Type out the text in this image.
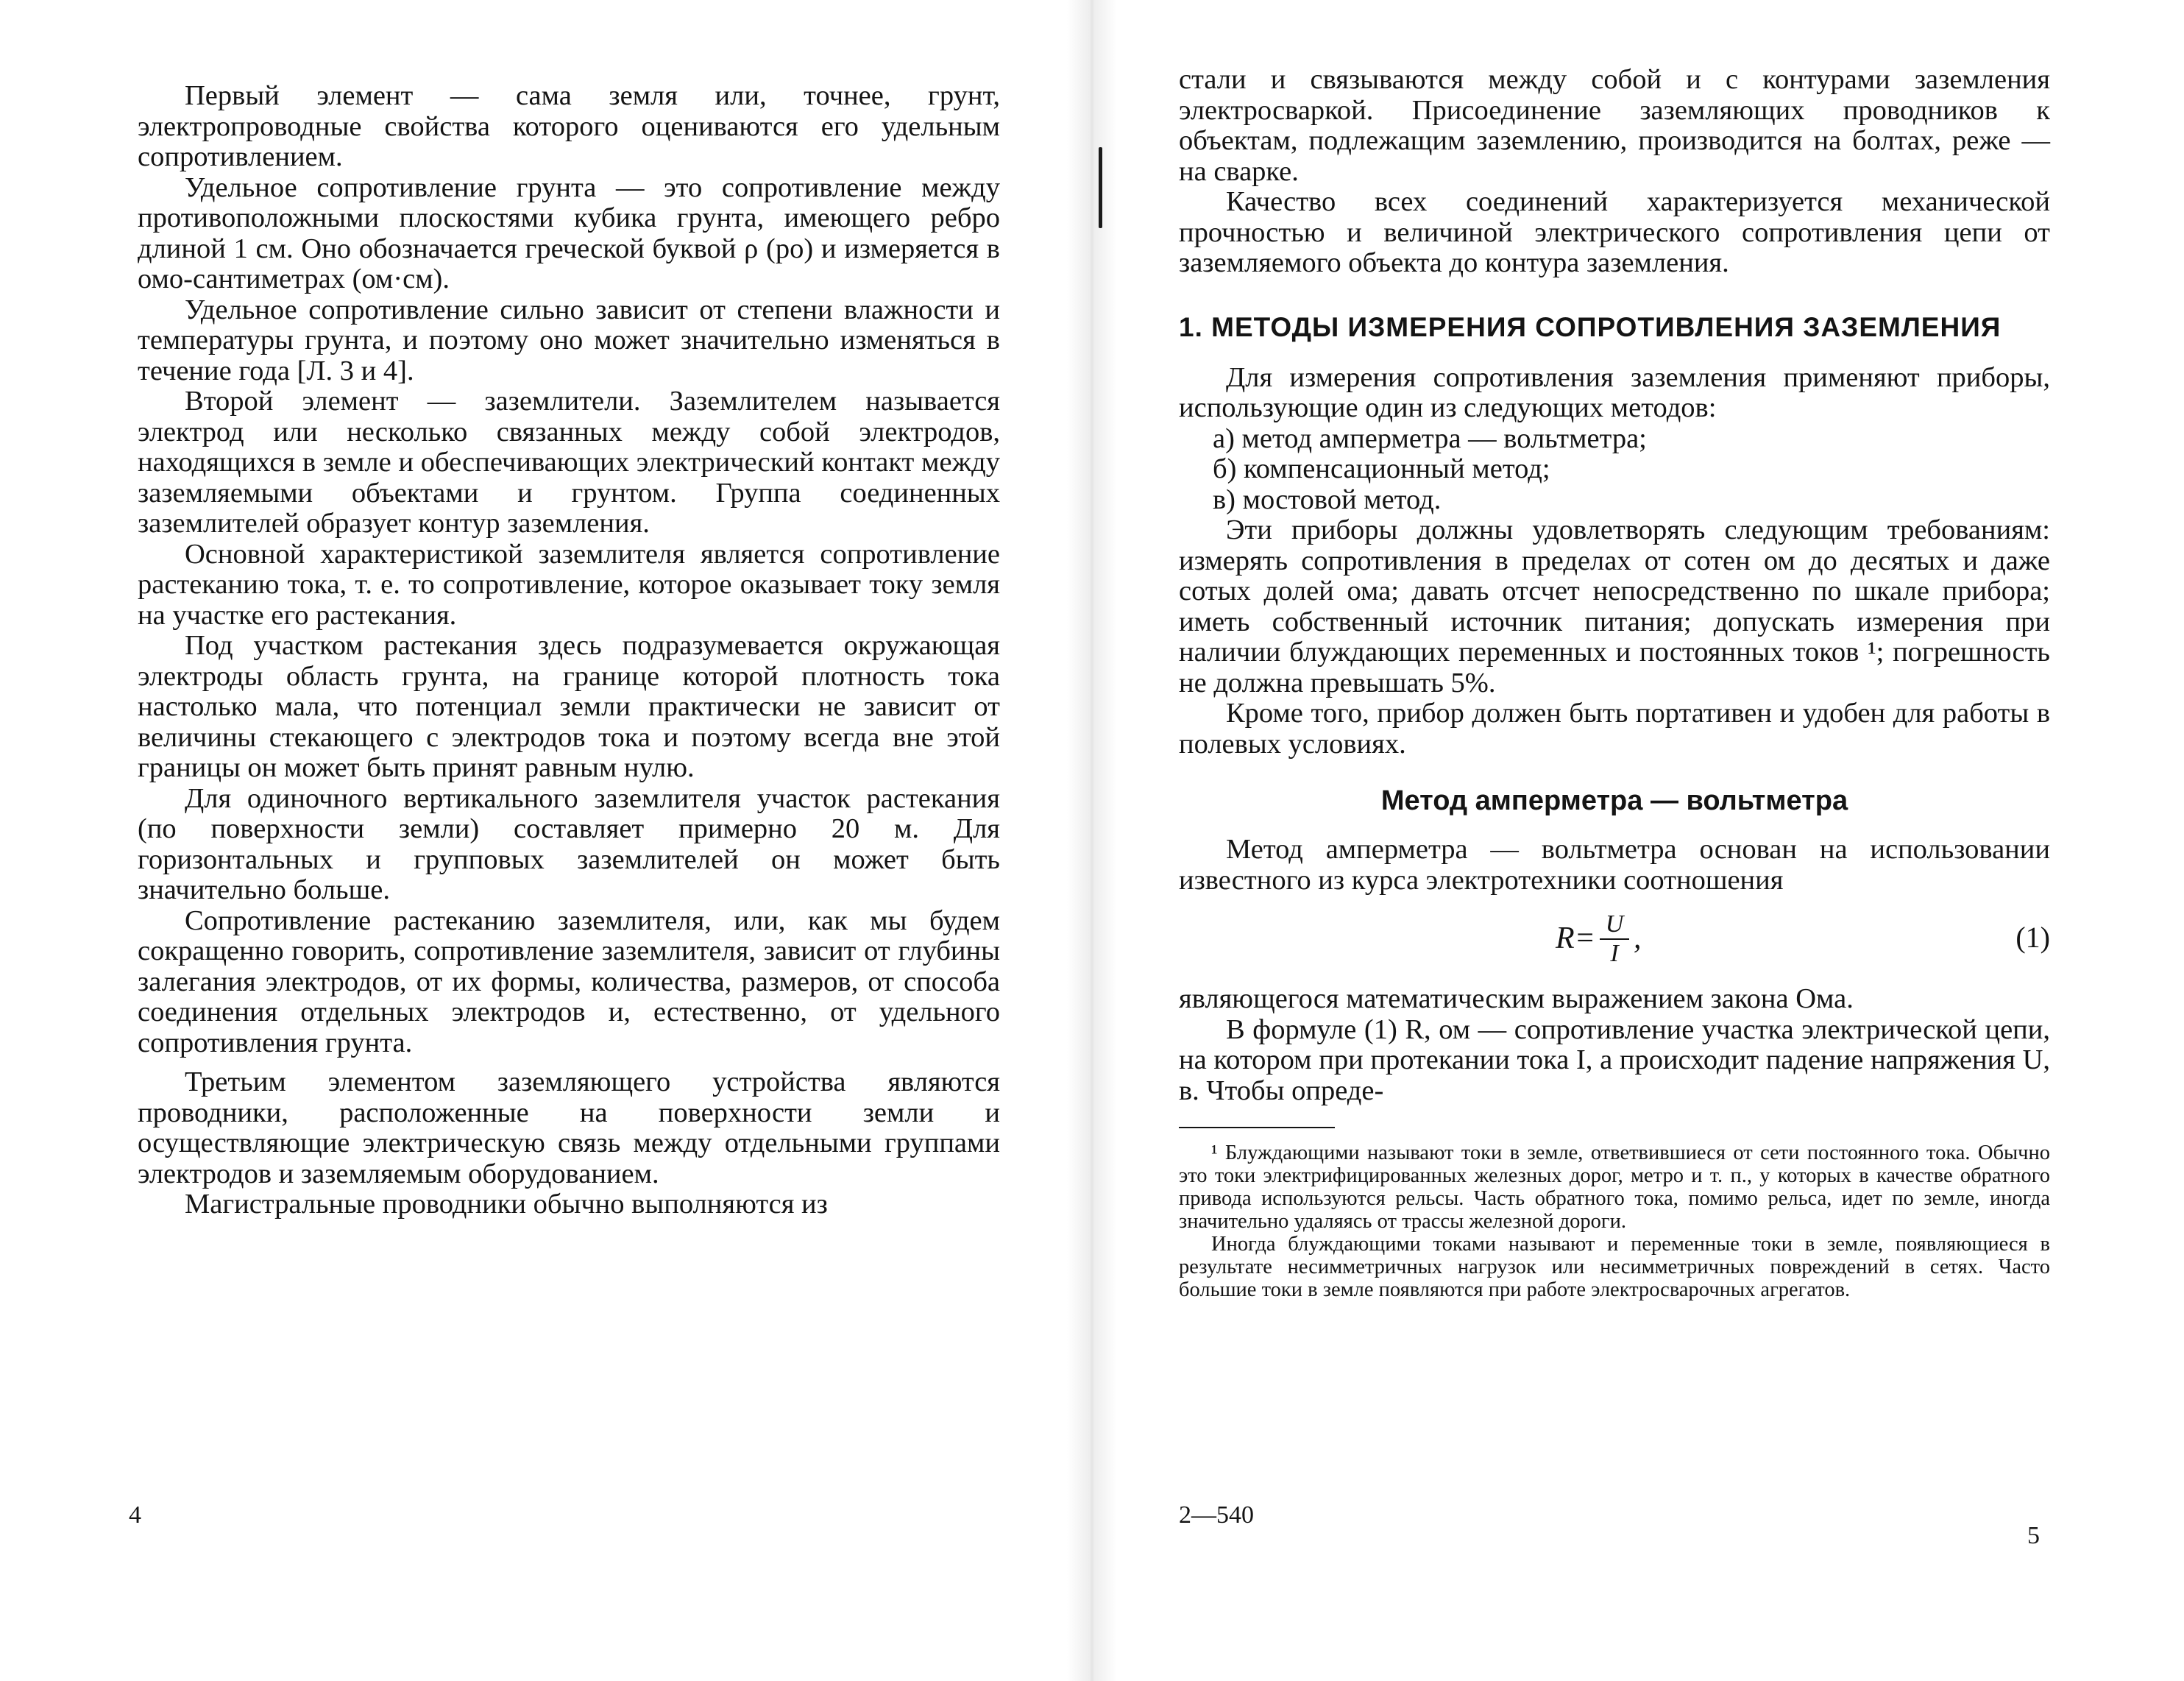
Первый элемент — сама земля или, точнее, грунт, электропроводные свойства которого оцениваются его удельным сопротивлением.

Удельное сопротивление грунта — это сопротивление между противоположными плоскостями кубика грунта, имеющего ребро длиной 1 см. Оно обозначается греческой буквой ρ (ро) и измеряется в омо-сантиметрах (ом·см).

Удельное сопротивление сильно зависит от степени влажности и температуры грунта, и поэтому оно может значительно изменяться в течение года [Л. 3 и 4].

Второй элемент — заземлители. Заземлителем называется электрод или несколько связанных между собой электродов, находящихся в земле и обеспечивающих электрический контакт между заземляемыми объектами и грунтом. Группа соединенных заземлителей образует контур заземления.

Основной характеристикой заземлителя является сопротивление растеканию тока, т. е. то сопротивление, которое оказывает току земля на участке его растекания.

Под участком растекания здесь подразумевается окружающая электроды область грунта, на границе которой плотность тока настолько мала, что потенциал земли практически не зависит от величины стекающего с электродов тока и поэтому всегда вне этой границы он может быть принят равным нулю.

Для одиночного вертикального заземлителя участок растекания (по поверхности земли) составляет примерно 20 м. Для горизонтальных и групповых заземлителей он может быть значительно больше.

Сопротивление растеканию заземлителя, или, как мы будем сокращенно говорить, сопротивление заземлителя, зависит от глубины залегания электродов, от их формы, количества, размеров, от способа соединения отдельных электродов и, естественно, от удельного сопротивления грунта.

Третьим элементом заземляющего устройства являются проводники, расположенные на поверхности земли и осуществляющие электрическую связь между отдельными группами электродов и заземляемым оборудованием.

Магистральные проводники обычно выполняются из

4

стали и связываются между собой и с контурами заземления электросваркой. Присоединение заземляющих проводников к объектам, подлежащим заземлению, производится на болтах, реже — на сварке.

Качество всех соединений характеризуется механической прочностью и величиной электрического сопротивления цепи от заземляемого объекта до контура заземления.

1. МЕТОДЫ ИЗМЕРЕНИЯ СОПРОТИВЛЕНИЯ ЗАЗЕМЛЕНИЯ

Для измерения сопротивления заземления применяют приборы, использующие один из следующих методов:

а) метод амперметра — вольтметра;

б) компенсационный метод;

в) мостовой метод.

Эти приборы должны удовлетворять следующим требованиям: измерять сопротивления в пределах от сотен ом до десятых и даже сотых долей ома; давать отсчет непосредственно по шкале прибора; иметь собственный источник питания; допускать измерения при наличии блуждающих переменных и постоянных токов ¹; погрешность не должна превышать 5%.

Кроме того, прибор должен быть портативен и удобен для работы в полевых условиях.

Метод амперметра — вольтметра

Метод амперметра — вольтметра основан на использовании известного из курса электротехники соотношения

$R = \frac{U}{I}$ ,	(1)

являющегося математическим выражением закона Ома.

В формуле (1) R, ом — сопротивление участка электрической цепи, на котором при протекании тока I, а происходит падение напряжения U, в. Чтобы опреде-

¹ Блуждающими называют токи в земле, ответвившиеся от сети постоянного тока. Обычно это токи электрифицированных железных дорог, метро и т. п., у которых в качестве обратного привода используются рельсы. Часть обратного тока, помимо рельса, идет по земле, иногда значительно удаляясь от трассы железной дороги.

Иногда блуждающими токами называют и переменные токи в земле, появляющиеся в результате несимметричных нагрузок или несимметричных повреждений в сетях. Часто большие токи в земле появляются при работе электросварочных агрегатов.

2—540
5
